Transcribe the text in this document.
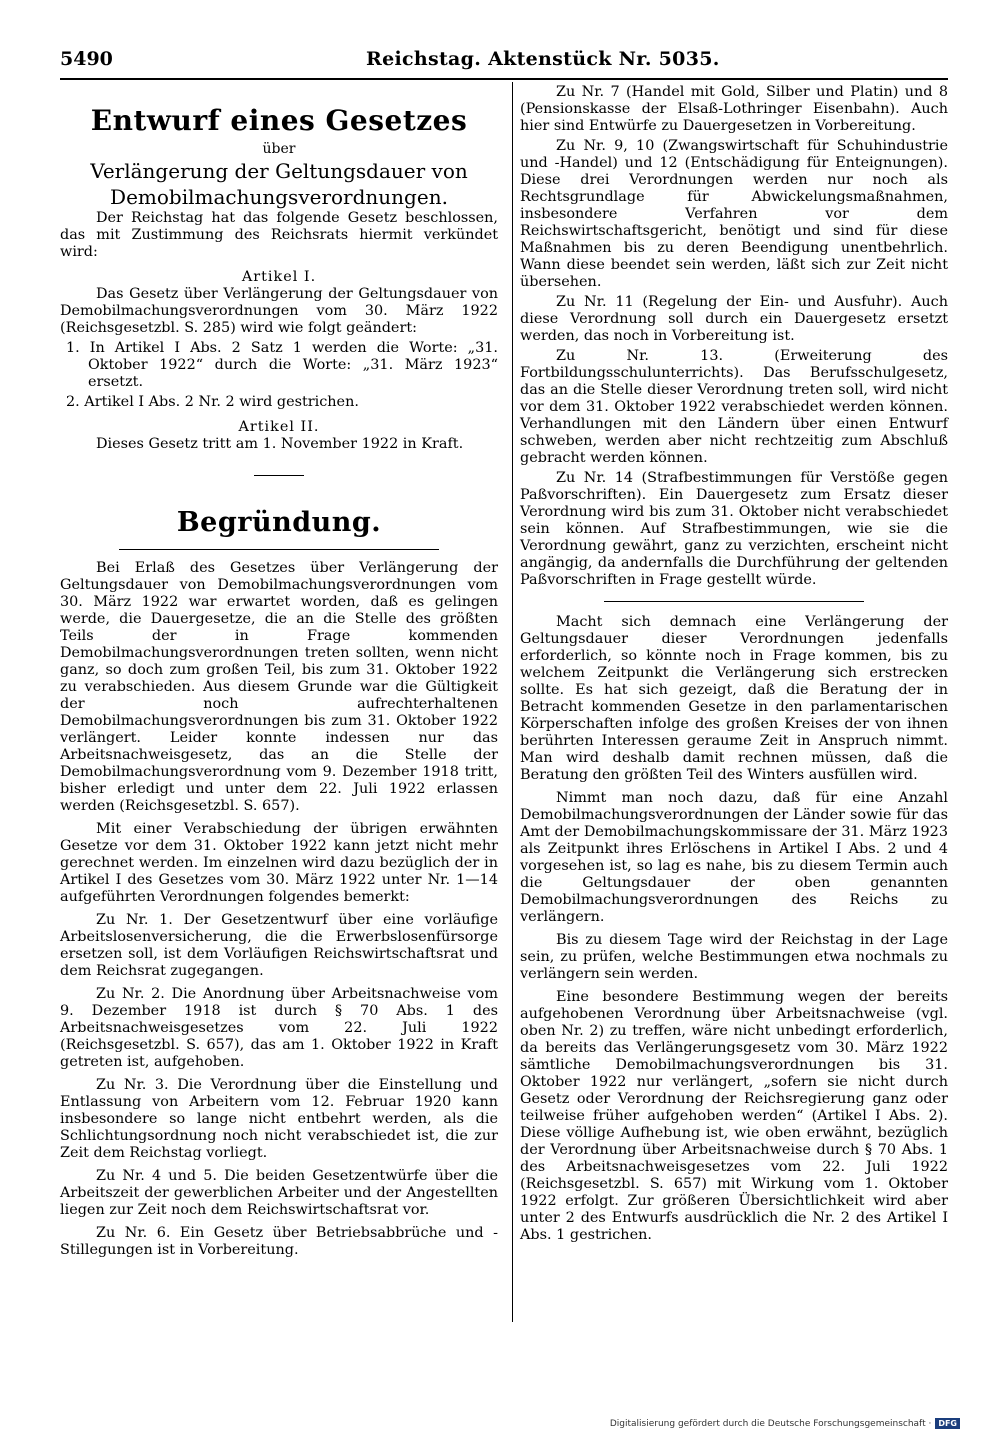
5490	Reichstag. Aktenstück Nr. 5035.
Entwurf eines Gesetzes
über
Verlängerung der Geltungsdauer von
Demobilmachungsverordnungen.

Der Reichstag hat das folgende Gesetz beschlossen, das mit Zustimmung des Reichsrats hiermit verkündet wird:

Artikel I.

Das Gesetz über Verlängerung der Geltungsdauer von Demobilmachungsverordnungen vom 30. März 1922 (Reichsgesetzbl. S. 285) wird wie folgt geändert:

1. In Artikel I Abs. 2 Satz 1 werden die Worte: „31. Oktober 1922“ durch die Worte: „31. März 1923“ ersetzt.
2. Artikel I Abs. 2 Nr. 2 wird gestrichen.
Artikel II.

Dieses Gesetz tritt am 1. November 1922 in Kraft.

Begründung.

Bei Erlaß des Gesetzes über Verlängerung der Geltungsdauer von Demobilmachungsverordnungen vom 30. März 1922 war erwartet worden, daß es gelingen werde, die Dauergesetze, die an die Stelle des größten Teils der in Frage kommenden Demobilmachungsverordnungen treten sollten, wenn nicht ganz, so doch zum großen Teil, bis zum 31. Oktober 1922 zu verabschieden. Aus diesem Grunde war die Gültigkeit der noch aufrechterhaltenen Demobilmachungsverordnungen bis zum 31. Oktober 1922 verlängert. Leider konnte indessen nur das Arbeitsnachweisgesetz, das an die Stelle der Demobilmachungsverordnung vom 9. Dezember 1918 tritt, bisher erledigt und unter dem 22. Juli 1922 erlassen werden (Reichsgesetzbl. S. 657).

Mit einer Verabschiedung der übrigen erwähnten Gesetze vor dem 31. Oktober 1922 kann jetzt nicht mehr gerechnet werden. Im einzelnen wird dazu bezüglich der in Artikel I des Gesetzes vom 30. März 1922 unter Nr. 1—14 aufgeführten Verordnungen folgendes bemerkt:

Zu Nr. 1. Der Gesetzentwurf über eine vorläufige Arbeitslosenversicherung, die die Erwerbslosenfürsorge ersetzen soll, ist dem Vorläufigen Reichswirtschaftsrat und dem Reichsrat zugegangen.

Zu Nr. 2. Die Anordnung über Arbeitsnachweise vom 9. Dezember 1918 ist durch § 70 Abs. 1 des Arbeitsnachweisgesetzes vom 22. Juli 1922 (Reichsgesetzbl. S. 657), das am 1. Oktober 1922 in Kraft getreten ist, aufgehoben.

Zu Nr. 3. Die Verordnung über die Einstellung und Entlassung von Arbeitern vom 12. Februar 1920 kann insbesondere so lange nicht entbehrt werden, als die Schlichtungsordnung noch nicht verabschiedet ist, die zur Zeit dem Reichstag vorliegt.

Zu Nr. 4 und 5. Die beiden Gesetzentwürfe über die Arbeitszeit der gewerblichen Arbeiter und der Angestellten liegen zur Zeit noch dem Reichswirtschaftsrat vor.

Zu Nr. 6. Ein Gesetz über Betriebsabbrüche und -Stillegungen ist in Vorbereitung.

Zu Nr. 7 (Handel mit Gold, Silber und Platin) und 8 (Pensionskasse der Elsaß-Lothringer Eisenbahn). Auch hier sind Entwürfe zu Dauergesetzen in Vorbereitung.

Zu Nr. 9, 10 (Zwangswirtschaft für Schuhindustrie und -Handel) und 12 (Entschädigung für Enteignungen). Diese drei Verordnungen werden nur noch als Rechtsgrundlage für Abwickelungsmaßnahmen, insbesondere Verfahren vor dem Reichswirtschaftsgericht, benötigt und sind für diese Maßnahmen bis zu deren Beendigung unentbehrlich. Wann diese beendet sein werden, läßt sich zur Zeit nicht übersehen.

Zu Nr. 11 (Regelung der Ein- und Ausfuhr). Auch diese Verordnung soll durch ein Dauergesetz ersetzt werden, das noch in Vorbereitung ist.

Zu Nr. 13. (Erweiterung des Fortbildungsschulunterrichts). Das Berufsschulgesetz, das an die Stelle dieser Verordnung treten soll, wird nicht vor dem 31. Oktober 1922 verabschiedet werden können. Verhandlungen mit den Ländern über einen Entwurf schweben, werden aber nicht rechtzeitig zum Abschluß gebracht werden können.

Zu Nr. 14 (Strafbestimmungen für Verstöße gegen Paßvorschriften). Ein Dauergesetz zum Ersatz dieser Verordnung wird bis zum 31. Oktober nicht verabschiedet sein können. Auf Strafbestimmungen, wie sie die Verordnung gewährt, ganz zu verzichten, erscheint nicht angängig, da andernfalls die Durchführung der geltenden Paßvorschriften in Frage gestellt würde.

Macht sich demnach eine Verlängerung der Geltungsdauer dieser Verordnungen jedenfalls erforderlich, so könnte noch in Frage kommen, bis zu welchem Zeitpunkt die Verlängerung sich erstrecken sollte. Es hat sich gezeigt, daß die Beratung der in Betracht kommenden Gesetze in den parlamentarischen Körperschaften infolge des großen Kreises der von ihnen berührten Interessen geraume Zeit in Anspruch nimmt. Man wird deshalb damit rechnen müssen, daß die Beratung den größten Teil des Winters ausfüllen wird.

Nimmt man noch dazu, daß für eine Anzahl Demobilmachungsverordnungen der Länder sowie für das Amt der Demobilmachungskommissare der 31. März 1923 als Zeitpunkt ihres Erlöschens in Artikel I Abs. 2 und 4 vorgesehen ist, so lag es nahe, bis zu diesem Termin auch die Geltungsdauer der oben genannten Demobilmachungsverordnungen des Reichs zu verlängern.

Bis zu diesem Tage wird der Reichstag in der Lage sein, zu prüfen, welche Bestimmungen etwa nochmals zu verlängern sein werden.

Eine besondere Bestimmung wegen der bereits aufgehobenen Verordnung über Arbeitsnachweise (vgl. oben Nr. 2) zu treffen, wäre nicht unbedingt erforderlich, da bereits das Verlängerungsgesetz vom 30. März 1922 sämtliche Demobilmachungsverordnungen bis 31. Oktober 1922 nur verlängert, „sofern sie nicht durch Gesetz oder Verordnung der Reichsregierung ganz oder teilweise früher aufgehoben werden“ (Artikel I Abs. 2). Diese völlige Aufhebung ist, wie oben erwähnt, bezüglich der Verordnung über Arbeitsnachweise durch § 70 Abs. 1 des Arbeitsnachweisgesetzes vom 22. Juli 1922 (Reichsgesetzbl. S. 657) mit Wirkung vom 1. Oktober 1922 erfolgt. Zur größeren Übersichtlichkeit wird aber unter 2 des Entwurfs ausdrücklich die Nr. 2 des Artikel I Abs. 1 gestrichen.

Digitalisierung gefördert durch die Deutsche Forschungsgemeinschaft · DFG
